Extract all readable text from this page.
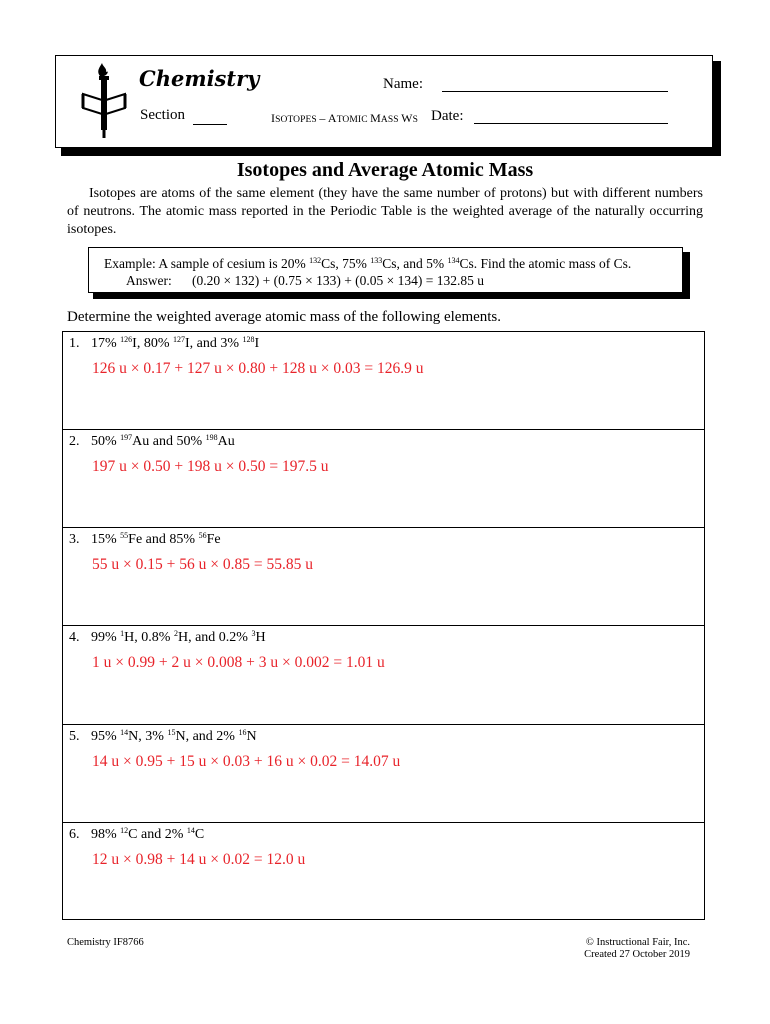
Chemistry
Section	ISOTOPES – ATOMIC MASS WS
Name:
Date:
Isotopes and Average Atomic Mass
Isotopes are atoms of the same element (they have the same number of protons) but with different numbers of neutrons. The atomic mass reported in the Periodic Table is the weighted average of the naturally occurring isotopes.
Example: A sample of cesium is 20% $^{132}$Cs, 75% $^{133}$Cs, and 5% $^{134}$Cs. Find the atomic mass of Cs.
Answer: (0.20 × 132) + (0.75 × 133) + (0.05 × 134) = 132.85 u
Determine the weighted average atomic mass of the following elements.
1. 17% $^{126}$I, 80% $^{127}$I, and 3% $^{128}$I
126 u × 0.17 + 127 u × 0.80 + 128 u × 0.03 = 126.9 u
2. 50% $^{197}$Au and 50% $^{198}$Au
197 u × 0.50 + 198 u × 0.50 = 197.5 u
3. 15% $^{55}$Fe and 85% $^{56}$Fe
55 u × 0.15 + 56 u × 0.85 = 55.85 u
4. 99% $^1$H, 0.8% $^2$H, and 0.2% $^3$H
1 u × 0.99 + 2 u × 0.008 + 3 u × 0.002 = 1.01 u
5. 95% $^{14}$N, 3% $^{15}$N, and 2% $^{16}$N
14 u × 0.95 + 15 u × 0.03 + 16 u × 0.02 = 14.07 u
6. 98% $^{12}$C and 2% $^{14}$C
12 u × 0.98 + 14 u × 0.02 = 12.0 u
Chemistry IF8766	© Instructional Fair, Inc.
Created 27 October 2019
